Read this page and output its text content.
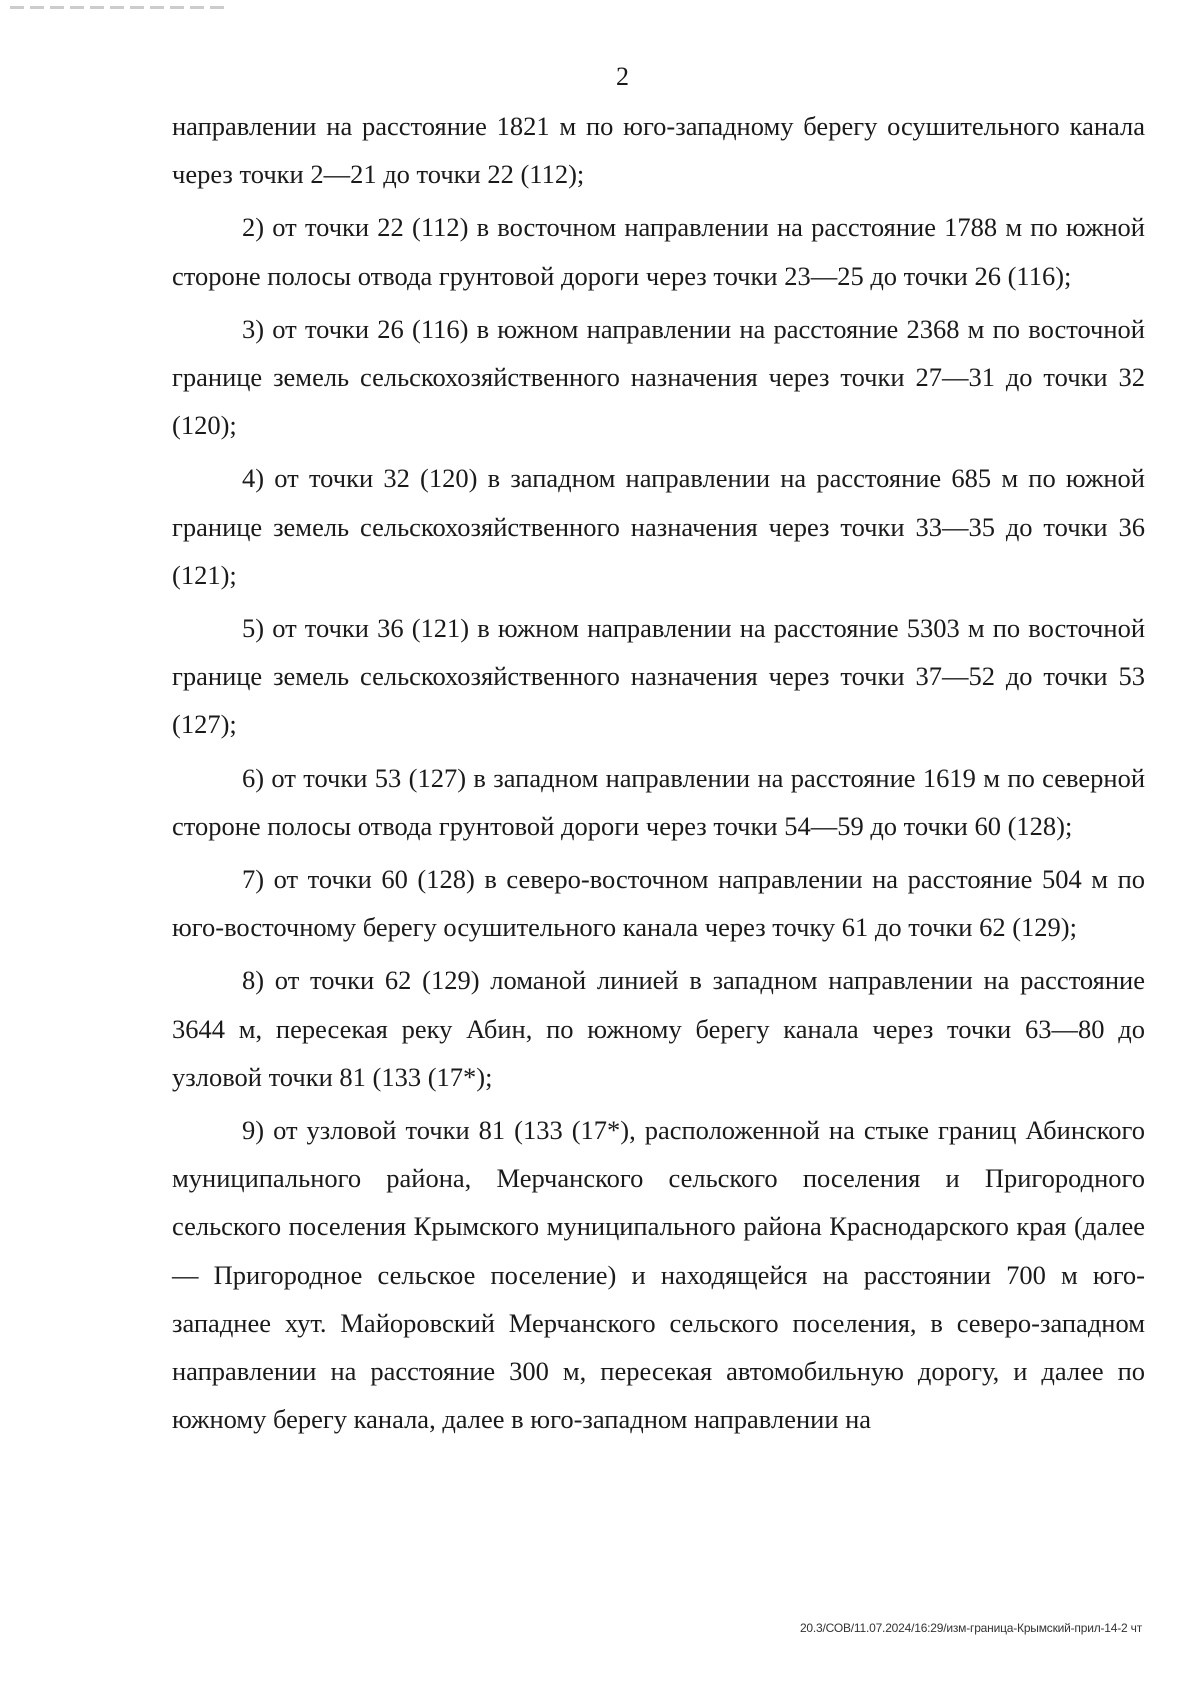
2

направлении на расстояние 1821 м по юго-западному берегу осушительного канала через точки 2—21 до точки 22 (112);

2) от точки 22 (112) в восточном направлении на расстояние 1788 м по южной стороне полосы отвода грунтовой дороги через точки 23—25 до точки 26 (116);

3) от точки 26 (116) в южном направлении на расстояние 2368 м по восточной границе земель сельскохозяйственного назначения через точки 27—31 до точки 32 (120);

4) от точки 32 (120) в западном направлении на расстояние 685 м по южной границе земель сельскохозяйственного назначения через точки 33—35 до точки 36 (121);

5) от точки 36 (121) в южном направлении на расстояние 5303 м по восточной границе земель сельскохозяйственного назначения через точки 37—52 до точки 53 (127);

6) от точки 53 (127) в западном направлении на расстояние 1619 м по северной стороне полосы отвода грунтовой дороги через точки 54—59 до точки 60 (128);

7) от точки 60 (128) в северо-восточном направлении на расстояние 504 м по юго-восточному берегу осушительного канала через точку 61 до точки 62 (129);

8) от точки 62 (129) ломаной линией в западном направлении на расстояние 3644 м, пересекая реку Абин, по южному берегу канала через точки 63—80 до узловой точки 81 (133 (17*);

9) от узловой точки 81 (133 (17*), расположенной на стыке границ Абинского муниципального района, Мерчанского сельского поселения и Пригородного сельского поселения Крымского муниципального района Краснодарского края (далее — Пригородное сельское поселение) и находящейся на расстоянии 700 м юго-западнее хут. Майоровский Мерчанского сельского поселения, в северо-западном направлении на расстояние 300 м, пересекая автомобильную дорогу, и далее по южному берегу канала, далее в юго-западном направлении на

20.3/СОВ/11.07.2024/16:29/изм-граница-Крымский-прил-14-2 чт
